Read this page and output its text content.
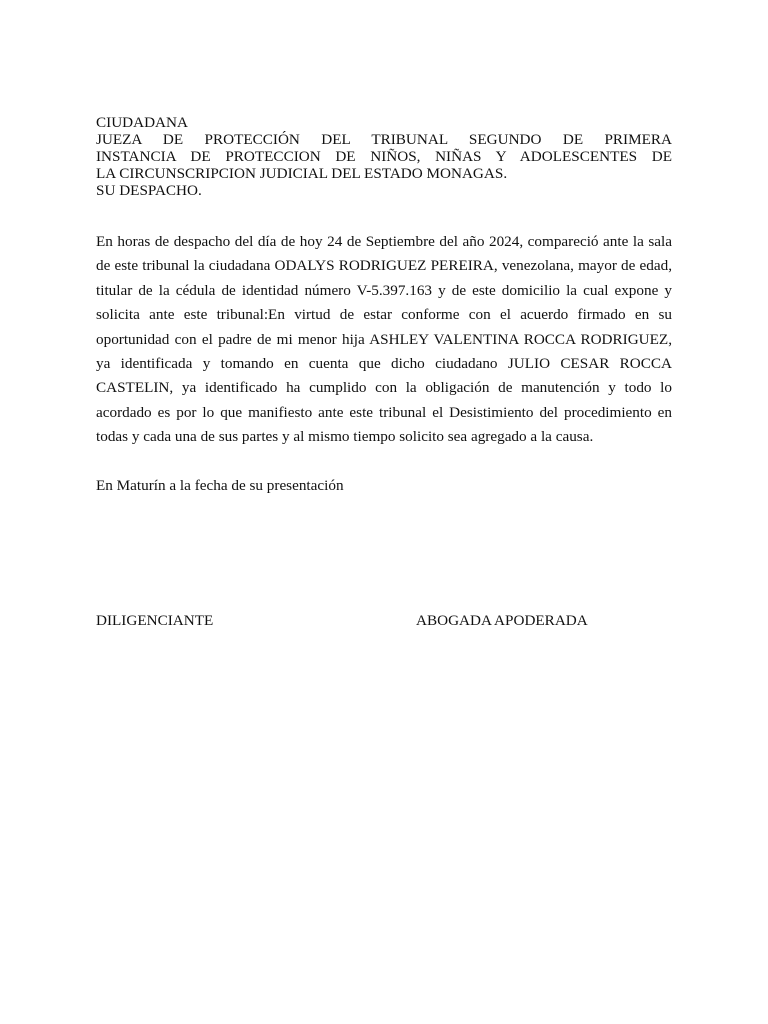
CIUDADANA

JUEZA DE PROTECCIÓN DEL TRIBUNAL SEGUNDO DE PRIMERA

INSTANCIA DE PROTECCION DE NIÑOS, NIÑAS Y ADOLESCENTES DE

LA CIRCUNSCRIPCION JUDICIAL DEL ESTADO MONAGAS.

SU DESPACHO.

En horas de despacho del día de hoy 24 de Septiembre del año 2024, compareció ante la sala de este tribunal la ciudadana ODALYS RODRIGUEZ PEREIRA, venezolana, mayor de edad, titular de la cédula de identidad número V-5.397.163 y de este domicilio la cual expone y solicita ante este tribunal:En virtud de estar conforme con el acuerdo firmado en su oportunidad con el padre de mi menor hija ASHLEY VALENTINA ROCCA RODRIGUEZ, ya identificada y tomando en cuenta que dicho ciudadano JULIO CESAR ROCCA CASTELIN, ya identificado ha cumplido con la obligación de manutención y todo lo acordado es por lo que manifiesto ante este tribunal el Desistimiento del procedimiento en todas y cada una de sus partes y al mismo tiempo solicito sea agregado a la causa.

En Maturín a la fecha de su presentación

DILIGENCIANTE	ABOGADA APODERADA
